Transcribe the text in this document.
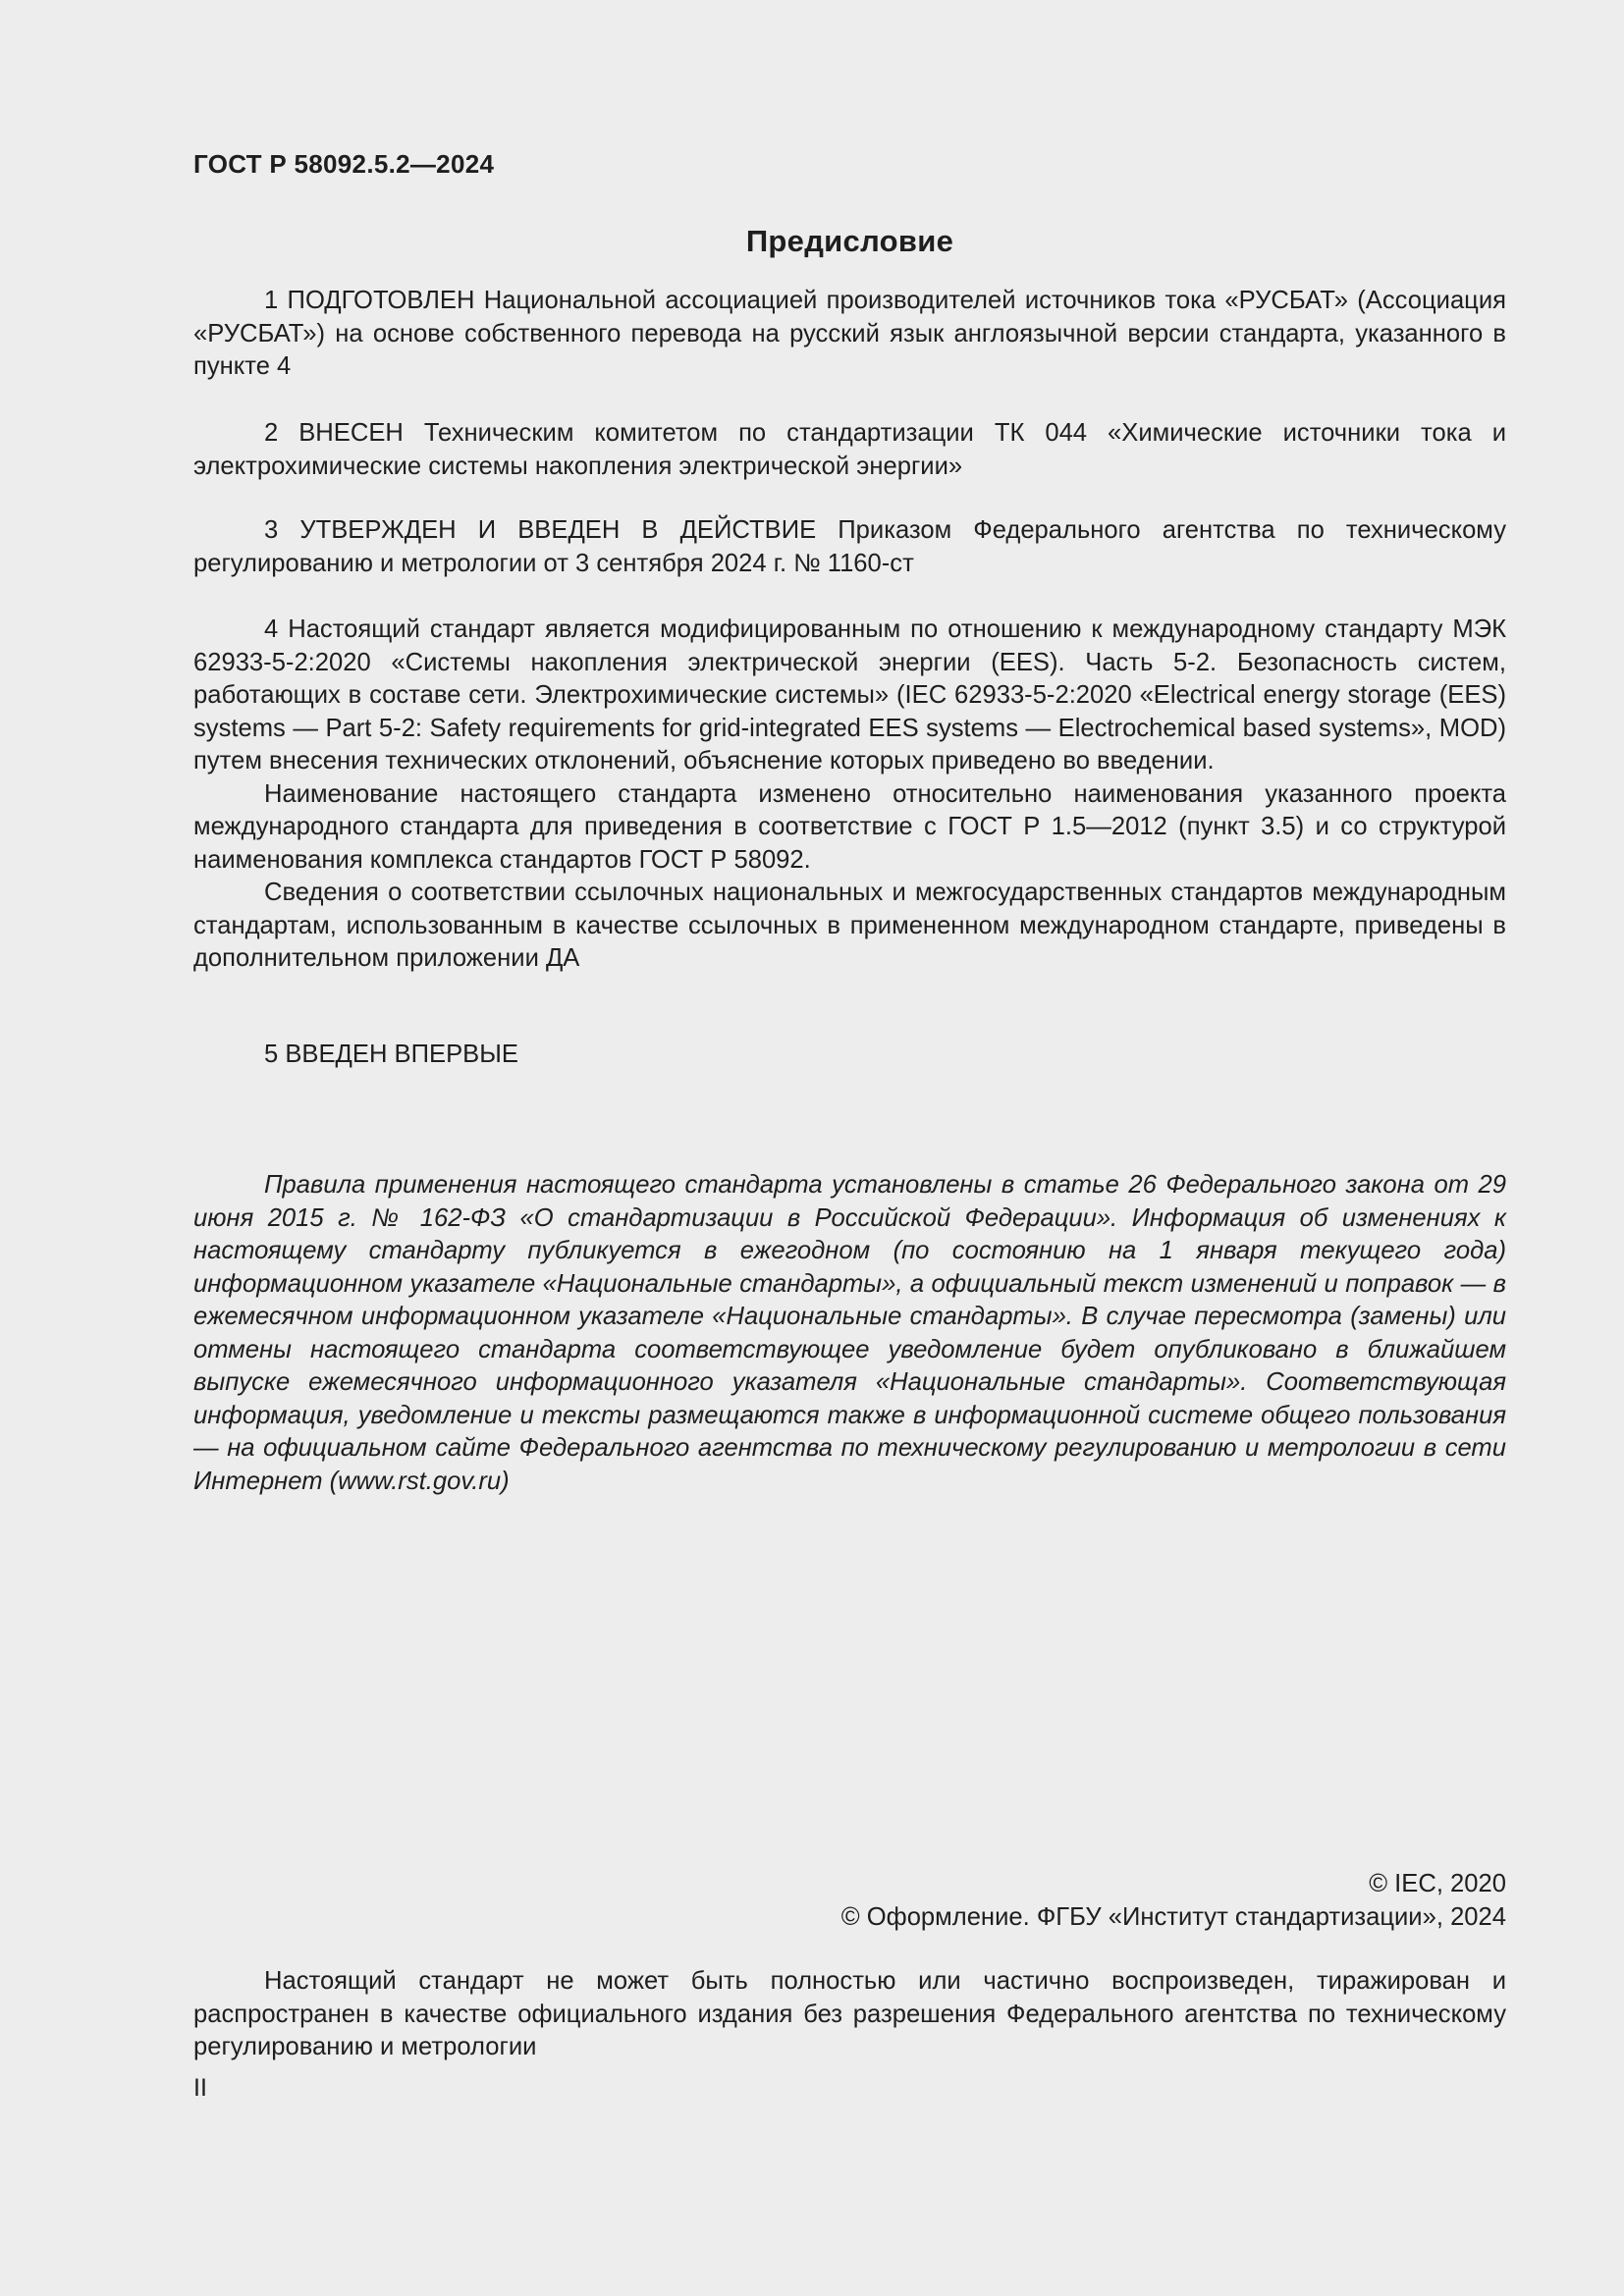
ГОСТ Р 58092.5.2—2024
Предисловие

1 ПОДГОТОВЛЕН Национальной ассоциацией производителей источников тока «РУСБАТ» (Ассоциация «РУСБАТ») на основе собственного перевода на русский язык англоязычной версии стандарта, указанного в пункте 4

2 ВНЕСЕН Техническим комитетом по стандартизации ТК 044 «Химические источники тока и электрохимические системы накопления электрической энергии»

3 УТВЕРЖДЕН И ВВЕДЕН В ДЕЙСТВИЕ Приказом Федерального агентства по техническому регулированию и метрологии от 3 сентября 2024 г. № 1160-ст

4 Настоящий стандарт является модифицированным по отношению к международному стандарту МЭК 62933-5-2:2020 «Системы накопления электрической энергии (EES). Часть 5-2. Безопасность систем, работающих в составе сети. Электрохимические системы» (IEC 62933-5-2:2020 «Electrical energy storage (EES) systems — Part 5-2: Safety requirements for grid-integrated EES systems — Electrochemical based systems», MOD) путем внесения технических отклонений, объяснение которых приведено во введении.

Наименование настоящего стандарта изменено относительно наименования указанного проекта международного стандарта для приведения в соответствие с ГОСТ Р 1.5—2012 (пункт 3.5) и со структурой наименования комплекса стандартов ГОСТ Р 58092.

Сведения о соответствии ссылочных национальных и межгосударственных стандартов международным стандартам, использованным в качестве ссылочных в примененном международном стандарте, приведены в дополнительном приложении ДА

5 ВВЕДЕН ВПЕРВЫЕ

Правила применения настоящего стандарта установлены в статье 26 Федерального закона от 29 июня 2015 г. № 162-ФЗ «О стандартизации в Российской Федерации». Информация об изменениях к настоящему стандарту публикуется в ежегодном (по состоянию на 1 января текущего года) информационном указателе «Национальные стандарты», а официальный текст изменений и поправок — в ежемесячном информационном указателе «Национальные стандарты». В случае пересмотра (замены) или отмены настоящего стандарта соответствующее уведомление будет опубликовано в ближайшем выпуске ежемесячного информационного указателя «Национальные стандарты». Соответствующая информация, уведомление и тексты размещаются также в информационной системе общего пользования — на официальном сайте Федерального агентства по техническому регулированию и метрологии в сети Интернет (www.rst.gov.ru)

© IEC, 2020
© Оформление. ФГБУ «Институт стандартизации», 2024

Настоящий стандарт не может быть полностью или частично воспроизведен, тиражирован и распространен в качестве официального издания без разрешения Федерального агентства по техническому регулированию и метрологии

II
